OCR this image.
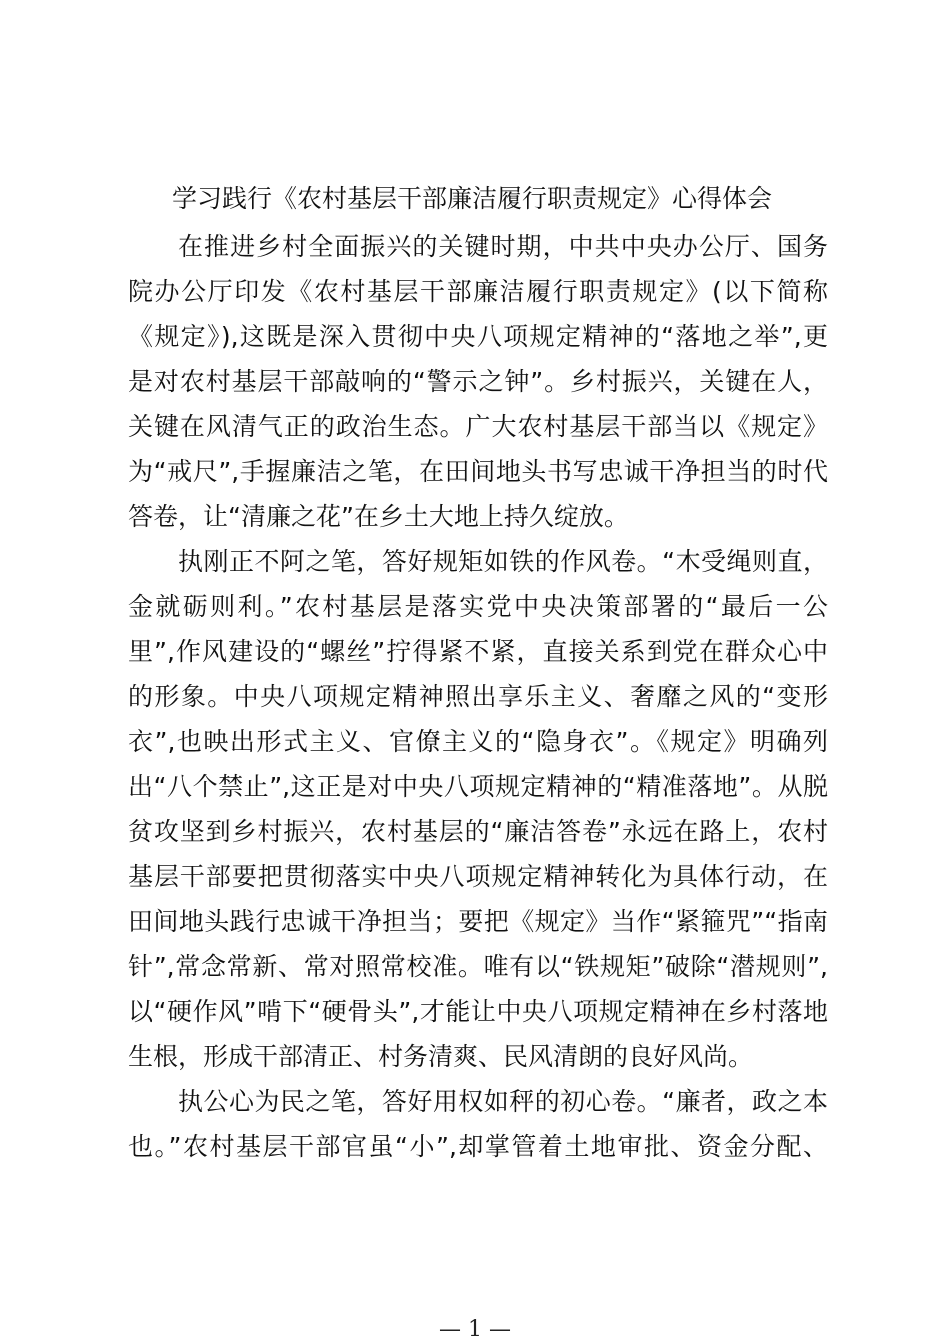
学习践行《农村基层干部廉洁履行职责规定》心得体会
在推进乡村全面振兴的关键时期，中共中央办公厅、国务
院办公厅印发《农村基层干部廉洁履行职责规定》(以下简称
《规定》),这既是深入贯彻中央八项规定精神的“落地之举”,更
是对农村基层干部敲响的“警示之钟”。乡村振兴，关键在人，
关键在风清气正的政治生态。广大农村基层干部当以《规定》
为“戒尺”,手握廉洁之笔，在田间地头书写忠诚干净担当的时代
答卷，让“清廉之花”在乡土大地上持久绽放。
执刚正不阿之笔，答好规矩如铁的作风卷。“木受绳则直，
金就砺则利。”农村基层是落实党中央决策部署的“最后一公
里”,作风建设的“螺丝”拧得紧不紧，直接关系到党在群众心中
的形象。中央八项规定精神照出享乐主义、奢靡之风的“变形
衣”,也映出形式主义、官僚主义的“隐身衣”。《规定》明确列
出“八个禁止”,这正是对中央八项规定精神的“精准落地”。从脱
贫攻坚到乡村振兴，农村基层的“廉洁答卷”永远在路上，农村
基层干部要把贯彻落实中央八项规定精神转化为具体行动，在
田间地头践行忠诚干净担当；要把《规定》当作“紧箍咒”“指南
针”,常念常新、常对照常校准。唯有以“铁规矩”破除“潜规则”,
以“硬作风”啃下“硬骨头”,才能让中央八项规定精神在乡村落地
生根，形成干部清正、村务清爽、民风清朗的良好风尚。
执公心为民之笔，答好用权如秤的初心卷。“廉者，政之本
也。”农村基层干部官虽“小”,却掌管着土地审批、资金分配、
— 1 —
